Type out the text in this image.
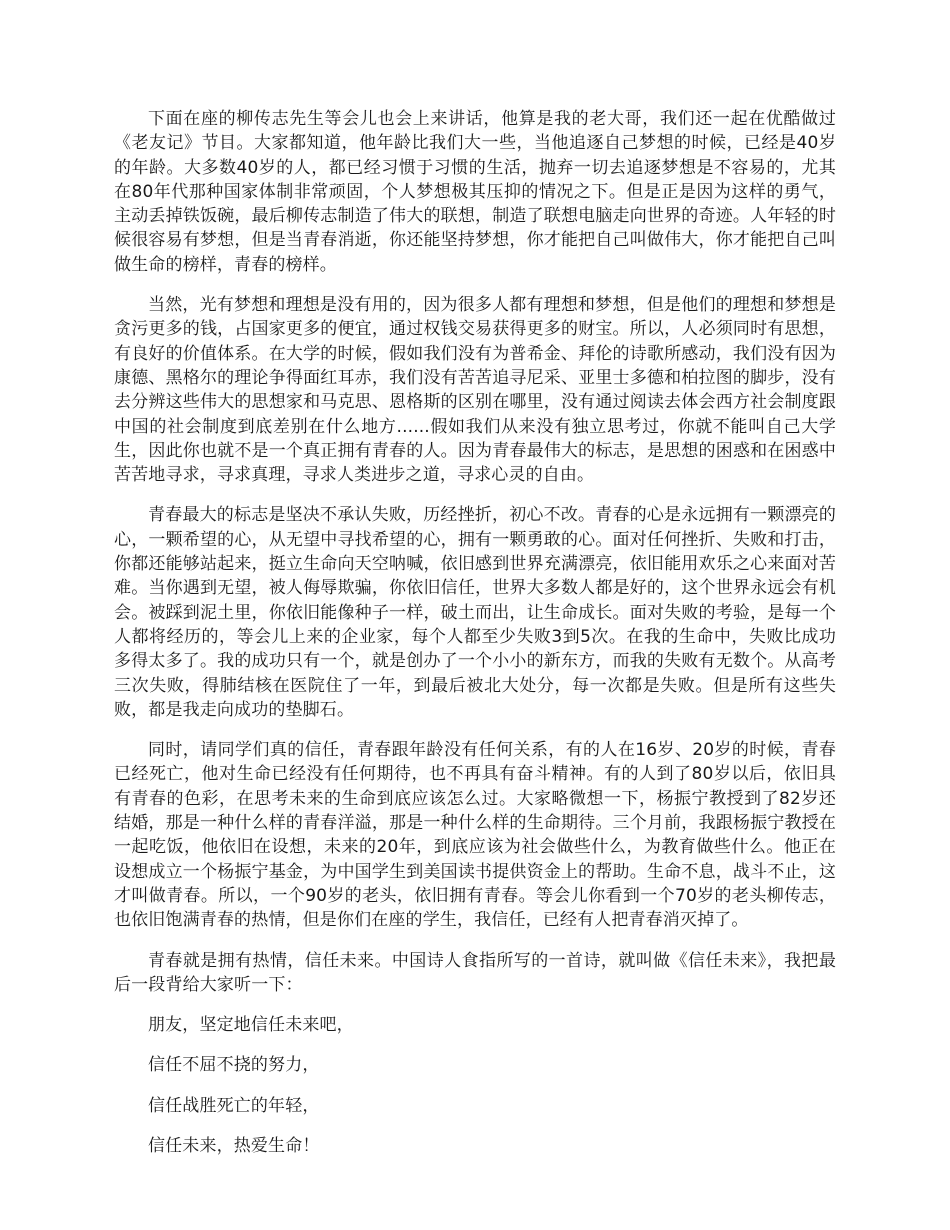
下面在座的柳传志先生等会儿也会上来讲话，他算是我的老大哥，我们还一起在优酷做过《老友记》节目。大家都知道，他年龄比我们大一些，当他追逐自己梦想的时候，已经是40岁的年龄。大多数40岁的人，都已经习惯于习惯的生活，抛弃一切去追逐梦想是不容易的，尤其在80年代那种国家体制非常顽固，个人梦想极其压抑的情况之下。但是正是因为这样的勇气，主动丢掉铁饭碗，最后柳传志制造了伟大的联想，制造了联想电脑走向世界的奇迹。人年轻的时候很容易有梦想，但是当青春消逝，你还能坚持梦想，你才能把自己叫做伟大，你才能把自己叫做生命的榜样，青春的榜样。

当然，光有梦想和理想是没有用的，因为很多人都有理想和梦想，但是他们的理想和梦想是贪污更多的钱，占国家更多的便宜，通过权钱交易获得更多的财宝。所以，人必须同时有思想，有良好的价值体系。在大学的时候，假如我们没有为普希金、拜伦的诗歌所感动，我们没有因为康德、黑格尔的理论争得面红耳赤，我们没有苦苦追寻尼采、亚里士多德和柏拉图的脚步，没有去分辨这些伟大的思想家和马克思、恩格斯的区别在哪里，没有通过阅读去体会西方社会制度跟中国的社会制度到底差别在什么地方......假如我们从来没有独立思考过，你就不能叫自己大学生，因此你也就不是一个真正拥有青春的人。因为青春最伟大的标志，是思想的困惑和在困惑中苦苦地寻求，寻求真理，寻求人类进步之道，寻求心灵的自由。

青春最大的标志是坚决不承认失败，历经挫折，初心不改。青春的心是永远拥有一颗漂亮的心，一颗希望的心，从无望中寻找希望的心，拥有一颗勇敢的心。面对任何挫折、失败和打击，你都还能够站起来，挺立生命向天空呐喊，依旧感到世界充满漂亮，依旧能用欢乐之心来面对苦难。当你遇到无望，被人侮辱欺骗，你依旧信任，世界大多数人都是好的，这个世界永远会有机会。被踩到泥土里，你依旧能像种子一样，破土而出，让生命成长。面对失败的考验，是每一个人都将经历的，等会儿上来的企业家，每个人都至少失败3到5次。在我的生命中，失败比成功多得太多了。我的成功只有一个，就是创办了一个小小的新东方，而我的失败有无数个。从高考三次失败，得肺结核在医院住了一年，到最后被北大处分，每一次都是失败。但是所有这些失败，都是我走向成功的垫脚石。

同时，请同学们真的信任，青春跟年龄没有任何关系，有的人在16岁、20岁的时候，青春已经死亡，他对生命已经没有任何期待，也不再具有奋斗精神。有的人到了80岁以后，依旧具有青春的色彩，在思考未来的生命到底应该怎么过。大家略微想一下，杨振宁教授到了82岁还结婚，那是一种什么样的青春洋溢，那是一种什么样的生命期待。三个月前，我跟杨振宁教授在一起吃饭，他依旧在设想，未来的20年，到底应该为社会做些什么，为教育做些什么。他正在设想成立一个杨振宁基金，为中国学生到美国读书提供资金上的帮助。生命不息，战斗不止，这才叫做青春。所以，一个90岁的老头，依旧拥有青春。等会儿你看到一个70岁的老头柳传志，也依旧饱满青春的热情，但是你们在座的学生，我信任，已经有人把青春消灭掉了。

青春就是拥有热情，信任未来。中国诗人食指所写的一首诗，就叫做《信任未来》，我把最后一段背给大家听一下：

朋友，坚定地信任未来吧，

信任不屈不挠的努力，

信任战胜死亡的年轻，

信任未来，热爱生命！
